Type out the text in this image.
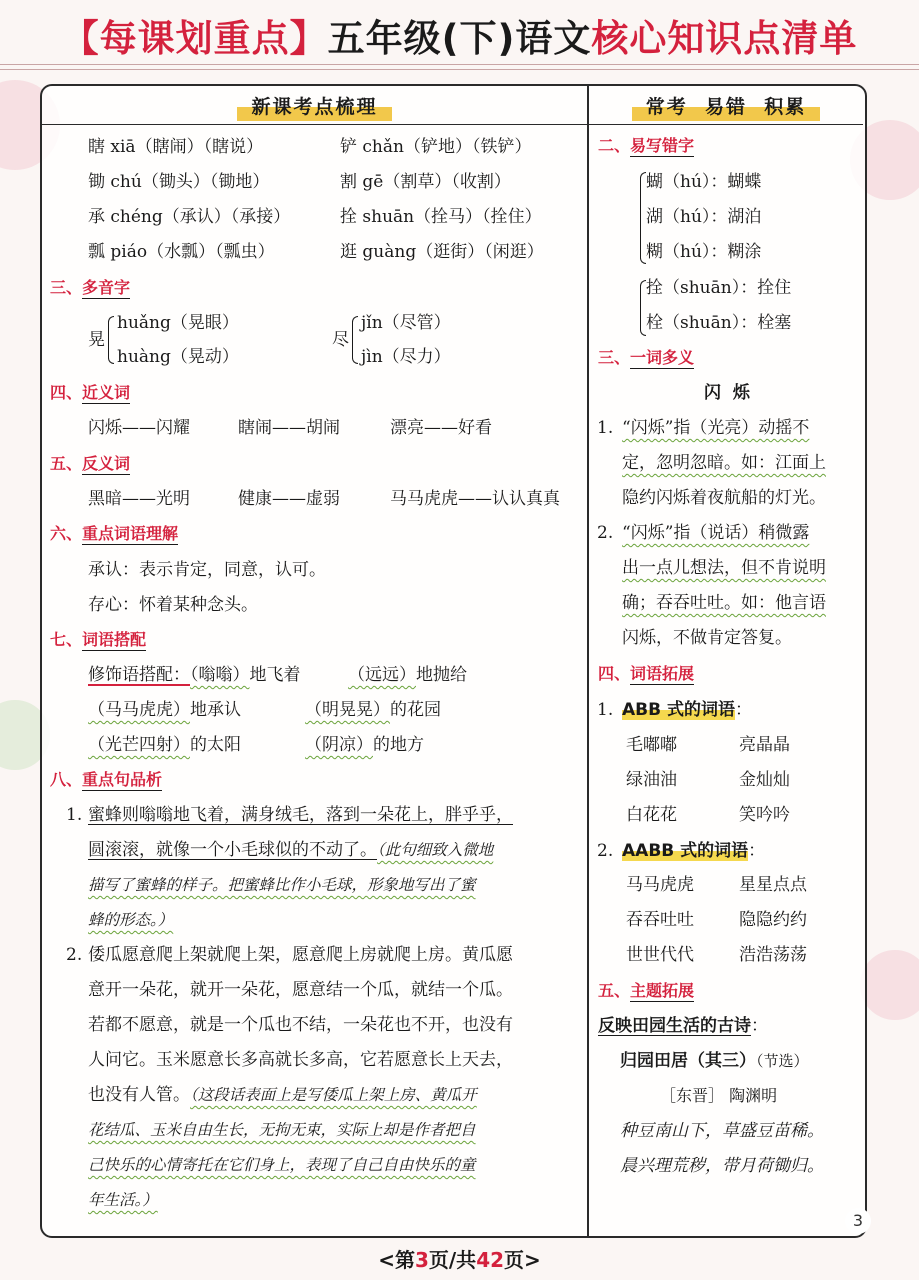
【每课划重点】五年级(下)语文核心知识点清单
新课考点梳理	常考  易错  积累
瞎 xiā（瞎闹）（瞎说）	铲 chǎn（铲地）（铁铲）
锄 chú（锄头）（锄地）	割 gē（割草）（收割）
承 chéng（承认）（承接）	拴 shuān（拴马）（拴住）
瓢 piáo（水瓢）（瓢虫）	逛 guàng（逛街）（闲逛）
三、多音字
晃
huǎng（晃眼）
huàng（晃动）
尽
jǐn（尽管）
jìn（尽力）
四、近义词
闪烁——闪耀	瞎闹——胡闹	漂亮——好看
五、反义词
黑暗——光明	健康——虚弱	马马虎虎——认认真真
六、重点词语理解
承认：表示肯定，同意，认可。
存心：怀着某种念头。
七、词语搭配
修饰语搭配：（嗡嗡）地飞着	（远远）地抛给
（马马虎虎）地承认	（明晃晃）的花园
（光芒四射）的太阳	（阴凉）的地方
八、重点句品析
1. 蜜蜂则嗡嗡地飞着，满身绒毛，落到一朵花上，胖乎乎，
圆滚滚，就像一个小毛球似的不动了。（此句细致入微地
描写了蜜蜂的样子。把蜜蜂比作小毛球，形象地写出了蜜
蜂的形态。）
2. 倭瓜愿意爬上架就爬上架，愿意爬上房就爬上房。黄瓜愿
意开一朵花，就开一朵花，愿意结一个瓜，就结一个瓜。
若都不愿意，就是一个瓜也不结，一朵花也不开，也没有
人问它。玉米愿意长多高就长多高，它若愿意长上天去，
也没有人管。（这段话表面上是写倭瓜上架上房、黄瓜开
花结瓜、玉米自由生长，无拘无束，实际上却是作者把自
己快乐的心情寄托在它们身上，表现了自己自由快乐的童
年生活。）
二、易写错字
蝴（hú）：蝴蝶
湖（hú）：湖泊
糊（hú）：糊涂
拴（shuān）：拴住
栓（shuān）：栓塞
三、一词多义
闪  烁
1. “闪烁”指（光亮）动摇不
定，忽明忽暗。如：江面上
隐约闪烁着夜航船的灯光。
2. “闪烁”指（说话）稍微露
出一点儿想法，但不肯说明
确；吞吞吐吐。如：他言语
闪烁，不做肯定答复。
四、词语拓展
1. ABB 式的词语：
毛嘟嘟	亮晶晶
绿油油	金灿灿
白花花	笑吟吟
2. AABB 式的词语：
马马虎虎	星星点点
吞吞吐吐	隐隐约约
世世代代	浩浩荡荡
五、主题拓展
反映田园生活的古诗：
归园田居（其三）（节选）
［东晋］ 陶渊明
种豆南山下，草盛豆苗稀。
晨兴理荒秽，带月荷锄归。
<第3页/共42页>
3
